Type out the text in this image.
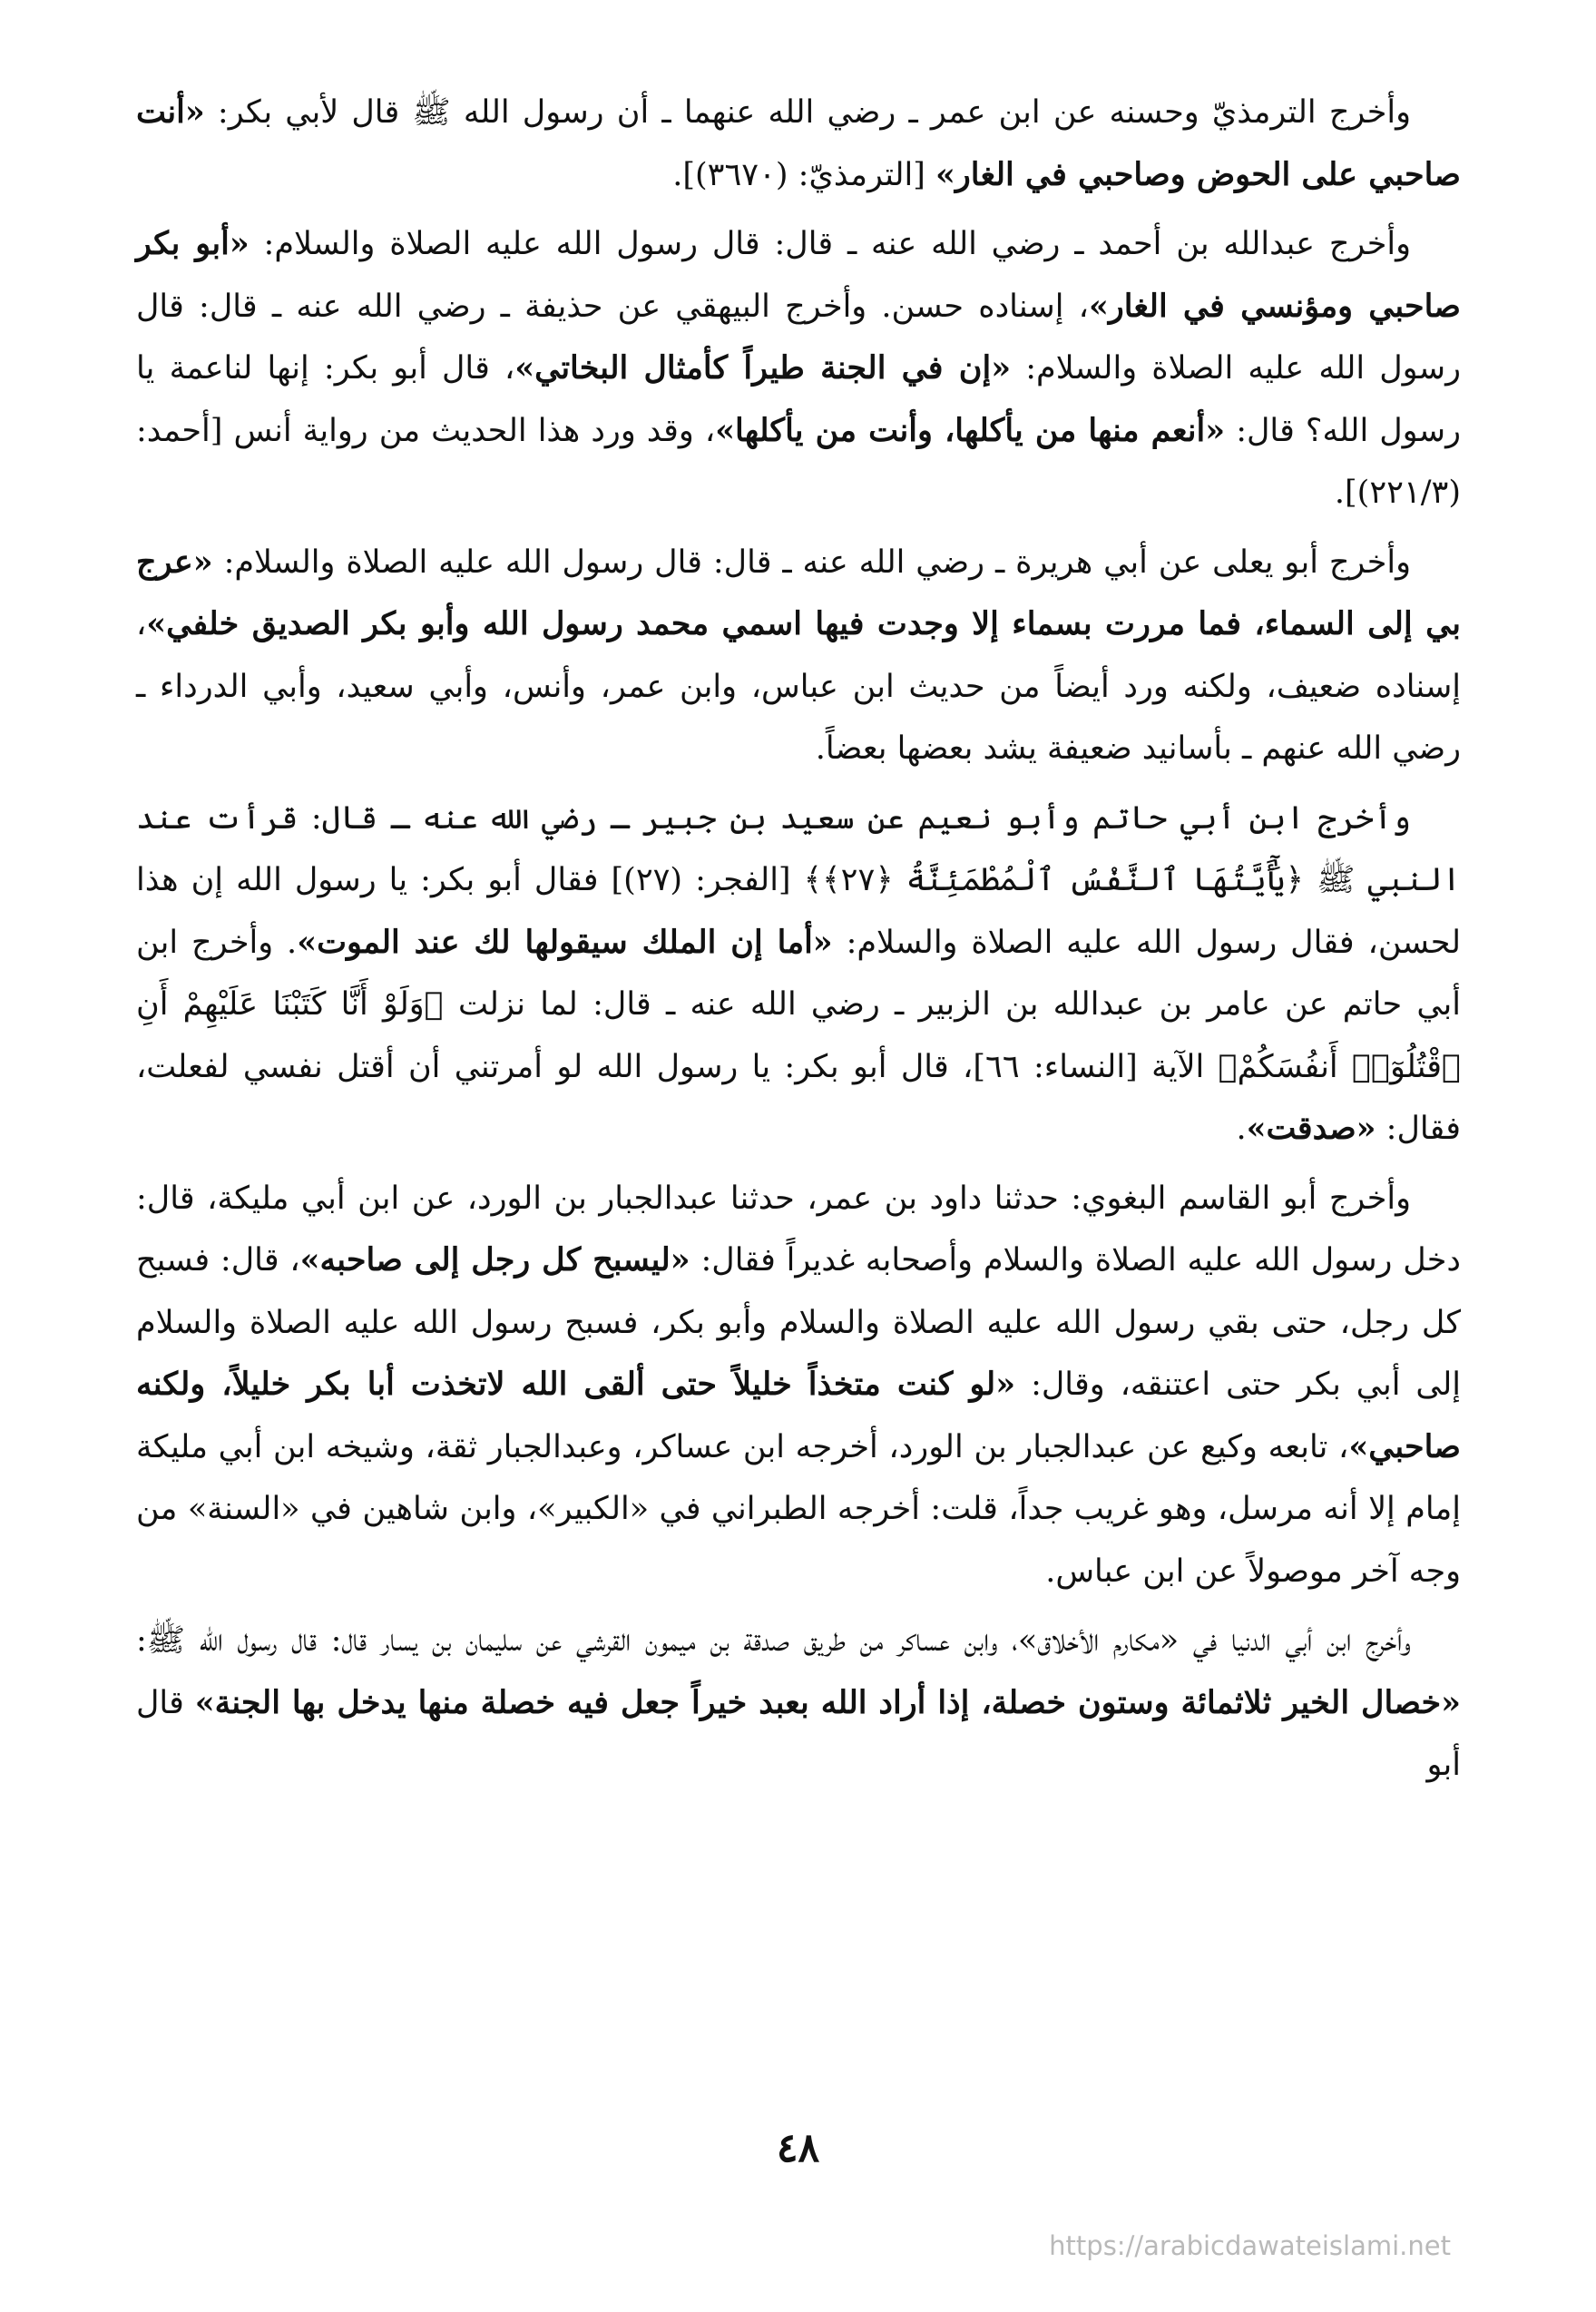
وأخرج الترمذيّ وحسنه عن ابن عمر ـ رضي الله عنهما ـ أن رسول الله ﷺ قال لأبي بكر: «أنت صاحبي على الحوض وصاحبي في الغار» [الترمذيّ: (٣٦٧٠)].

وأخرج عبدالله بن أحمد ـ رضي الله عنه ـ قال: قال رسول الله عليه الصلاة والسلام: «أبو بكر صاحبي ومؤنسي في الغار»، إسناده حسن. وأخرج البيهقي عن حذيفة ـ رضي الله عنه ـ قال: قال رسول الله عليه الصلاة والسلام: «إن في الجنة طيراً كأمثال البخاتي»، قال أبو بكر: إنها لناعمة يا رسول الله؟ قال: «أنعم منها من يأكلها، وأنت من يأكلها»، وقد ورد هذا الحديث من رواية أنس [أحمد: (٢٢١/٣)].

وأخرج أبو يعلى عن أبي هريرة ـ رضي الله عنه ـ قال: قال رسول الله عليه الصلاة والسلام: «عرج بي إلى السماء، فما مررت بسماء إلا وجدت فيها اسمي محمد رسول الله وأبو بكر الصديق خلفي»، إسناده ضعيف، ولكنه ورد أيضاً من حديث ابن عباس، وابن عمر، وأنس، وأبي سعيد، وأبي الدرداء ـ رضي الله عنهم ـ بأسانيد ضعيفة يشد بعضها بعضاً.

وأخرج ابن أبي حاتم وأبو نعيم عن سعيد بن جبير ـ رضي الله عنه ـ قال: قرأت عند النبي ﷺ ﴿يَٰٓأَيَّتُهَا ٱلنَّفْسُ ٱلْمُطْمَئِنَّةُ ﴿٢٧﴾﴾ [الفجر: (٢٧)] فقال أبو بكر: يا رسول الله إن هذا لحسن، فقال رسول الله عليه الصلاة والسلام: «أما إن الملك سيقولها لك عند الموت». وأخرج ابن أبي حاتم عن عامر بن عبدالله بن الزبير ـ رضي الله عنه ـ قال: لما نزلت ﴿وَلَوْ أَنَّا كَتَبْنَا عَلَيْهِمْ أَنِ ٱقْتُلُوٓا۟ أَنفُسَكُمْ﴾ الآية [النساء: ٦٦]، قال أبو بكر: يا رسول الله لو أمرتني أن أقتل نفسي لفعلت، فقال: «صدقت».

وأخرج أبو القاسم البغوي: حدثنا داود بن عمر، حدثنا عبدالجبار بن الورد، عن ابن أبي مليكة، قال: دخل رسول الله عليه الصلاة والسلام وأصحابه غديراً فقال: «ليسبح كل رجل إلى صاحبه»، قال: فسبح كل رجل، حتى بقي رسول الله عليه الصلاة والسلام وأبو بكر، فسبح رسول الله عليه الصلاة والسلام إلى أبي بكر حتى اعتنقه، وقال: «لو كنت متخذاً خليلاً حتى ألقى الله لاتخذت أبا بكر خليلاً، ولكنه صاحبي»، تابعه وكيع عن عبدالجبار بن الورد، أخرجه ابن عساكر، وعبدالجبار ثقة، وشيخه ابن أبي مليكة إمام إلا أنه مرسل، وهو غريب جداً، قلت: أخرجه الطبراني في «الكبير»، وابن شاهين في «السنة» من وجه آخر موصولاً عن ابن عباس.

وأخرج ابن أبي الدنيا في «مكارم الأخلاق»، وابن عساكر من طريق صدقة بن ميمون القرشي عن سليمان بن يسار قال: قال رسول الله ﷺ: «خصال الخير ثلاثمائة وستون خصلة، إذا أراد الله بعبد خيراً جعل فيه خصلة منها يدخل بها الجنة» قال أبو

٤٨
https://arabicdawateislami.net
